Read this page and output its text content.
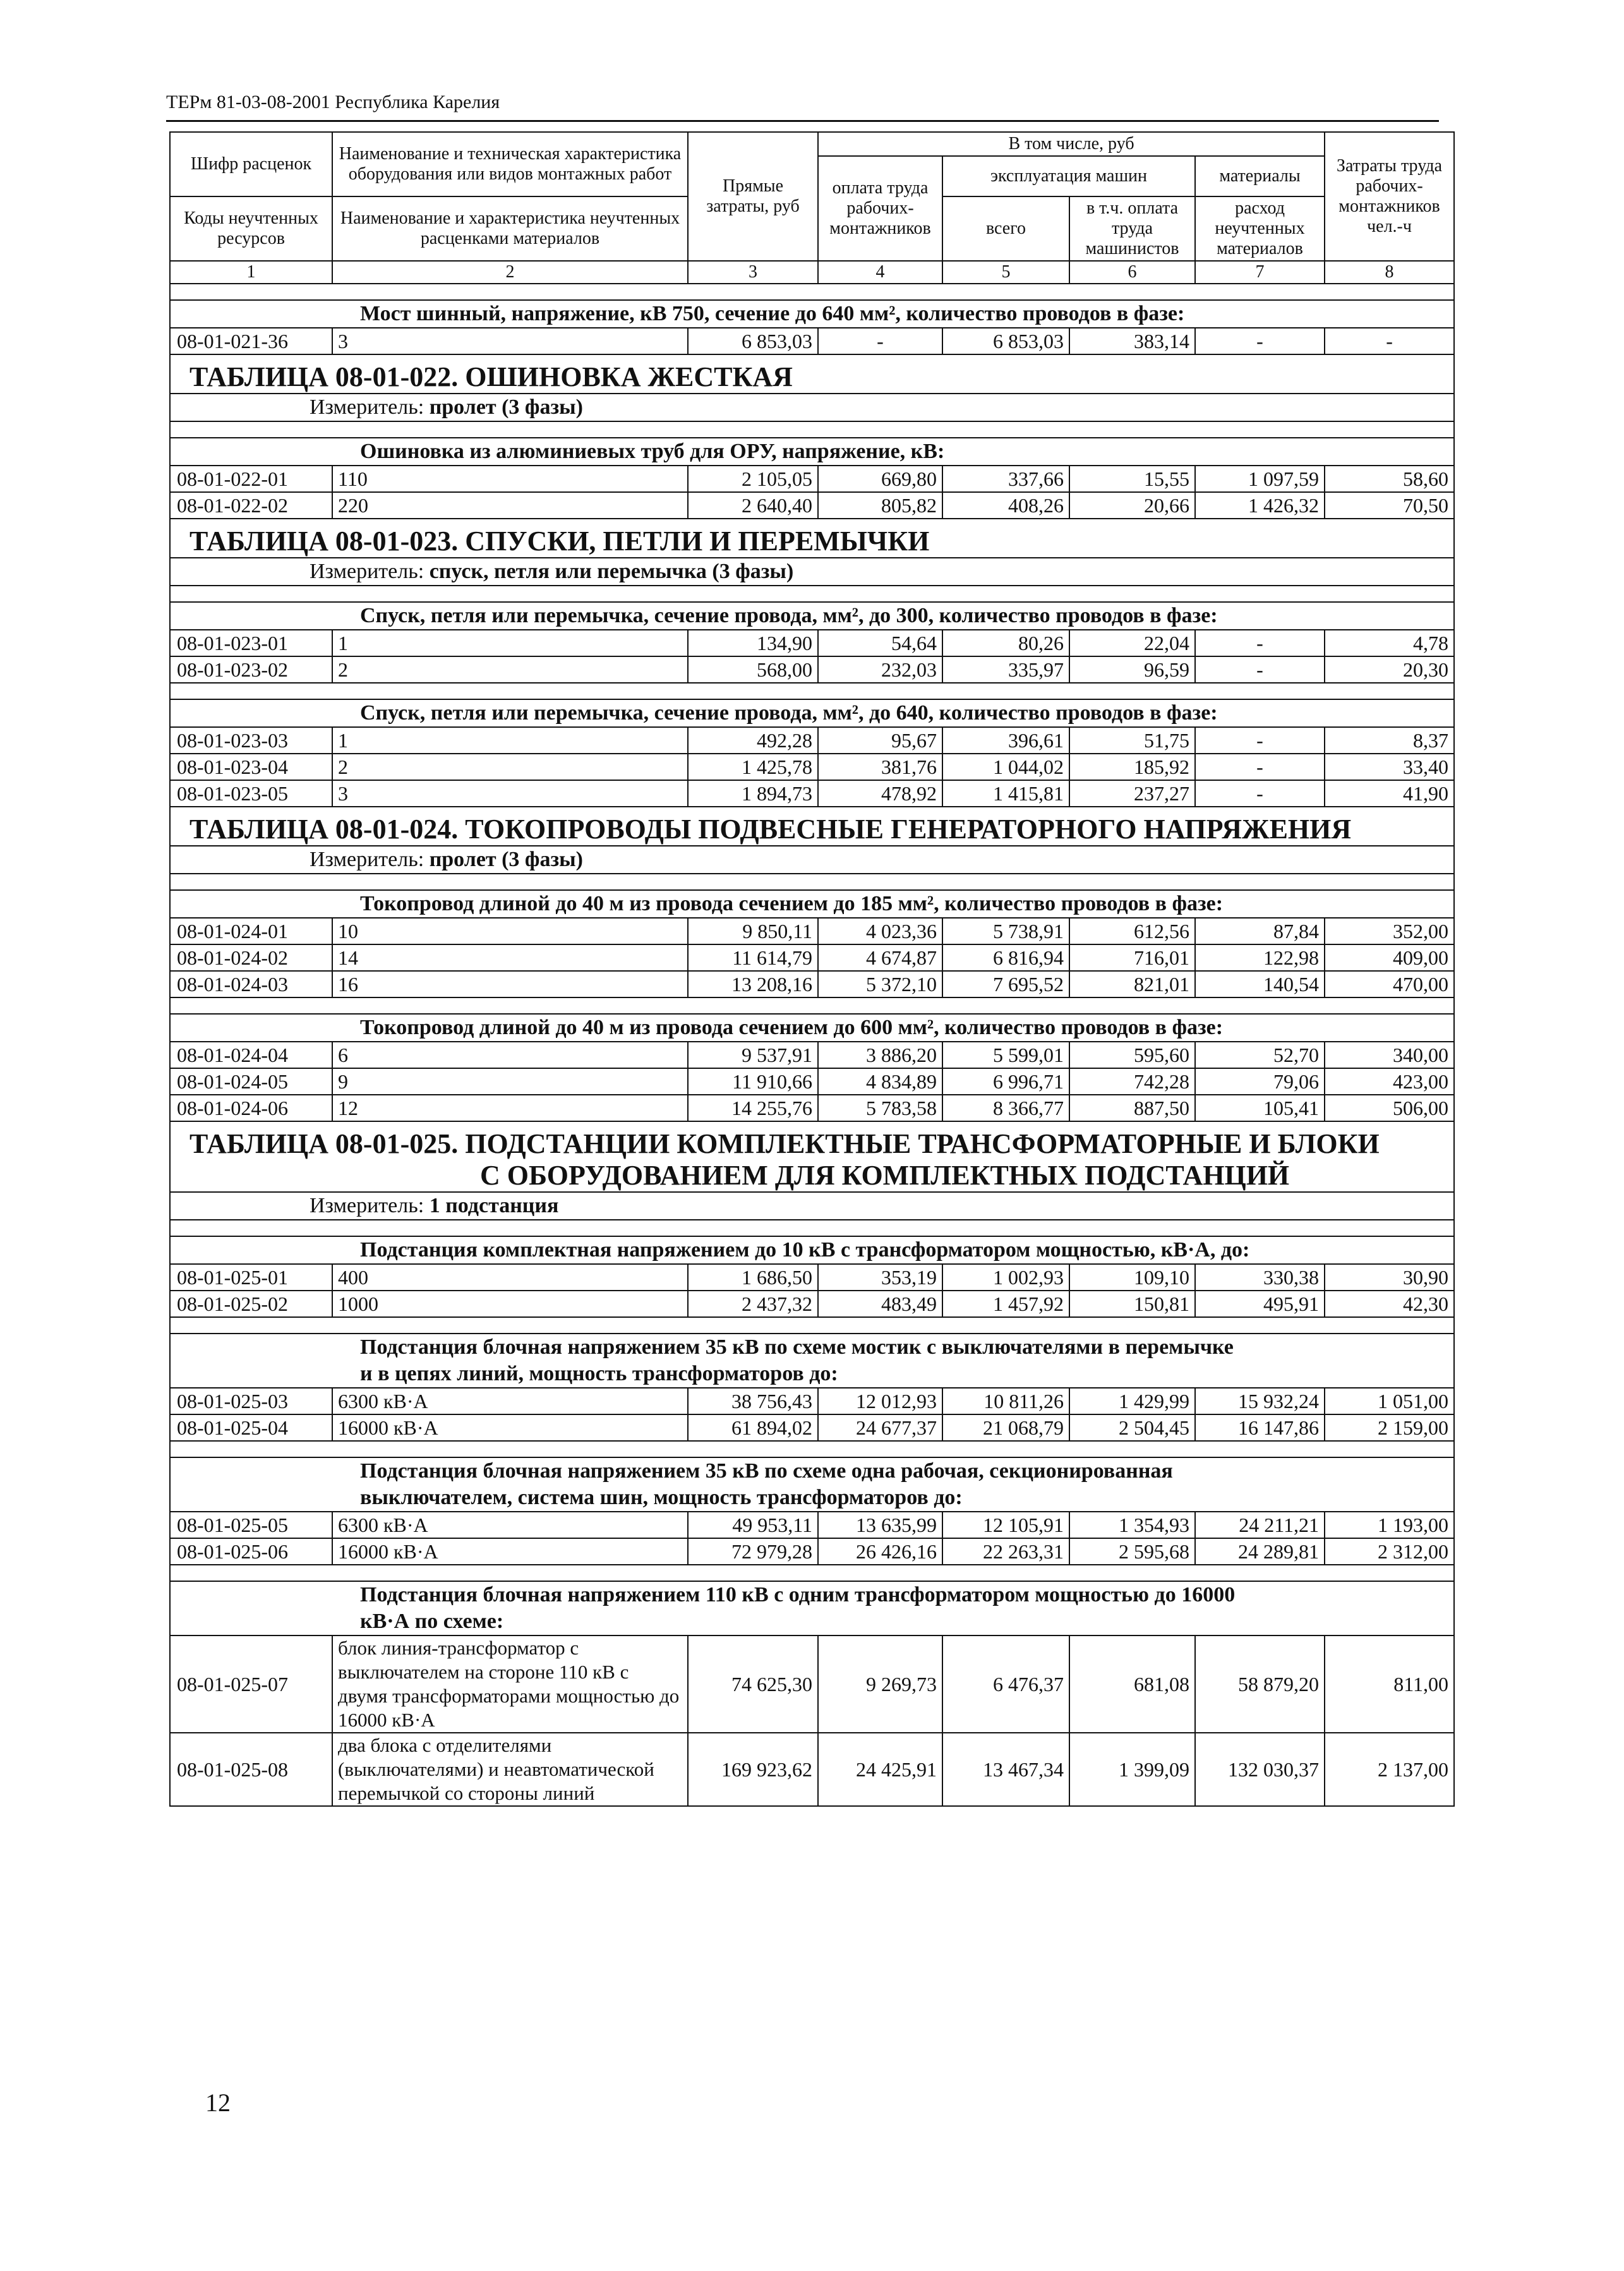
ТЕРм 81-03-08-2001 Республика Карелия
Шифр расценок	Наименование и техническая характеристика оборудования или видов монтажных работ	Прямые затраты, руб	В том числе, руб				Затраты труда рабочих-монтажников чел.-ч
			оплата труда рабочих-монтажников	эксплуатация машин		материалы	
Коды неучтенных ресурсов	Наименование и характеристика неучтенных расценками материалов			всего	в т.ч. оплата труда машинистов	расход неучтенных материалов	

1	2	3	4	5	6	7	8

Мост шинный, напряжение, кВ 750, сечение до 640 мм², количество проводов в фазе:							
08-01-021-36	3	6 853,03	-	6 853,03	383,14	-	-
ТАБЛИЦА 08-01-022. ОШИНОВКА ЖЕСТКАЯ							
Измеритель: пролет (3 фазы)							

Ошиновка из алюминиевых труб для ОРУ, напряжение, кВ:							
08-01-022-01	110	2 105,05	669,80	337,66	15,55	1 097,59	58,60
08-01-022-02	220	2 640,40	805,82	408,26	20,66	1 426,32	70,50
ТАБЛИЦА 08-01-023. СПУСКИ, ПЕТЛИ И ПЕРЕМЫЧКИ							
Измеритель: спуск, петля или перемычка (3 фазы)							

Спуск, петля или перемычка, сечение провода, мм², до 300, количество проводов в фазе:							
08-01-023-01	1	134,90	54,64	80,26	22,04	-	4,78
08-01-023-02	2	568,00	232,03	335,97	96,59	-	20,30

Спуск, петля или перемычка, сечение провода, мм², до 640, количество проводов в фазе:							
08-01-023-03	1	492,28	95,67	396,61	51,75	-	8,37
08-01-023-04	2	1 425,78	381,76	1 044,02	185,92	-	33,40
08-01-023-05	3	1 894,73	478,92	1 415,81	237,27	-	41,90
ТАБЛИЦА 08-01-024. ТОКОПРОВОДЫ ПОДВЕСНЫЕ ГЕНЕРАТОРНОГО НАПРЯЖЕНИЯ							
Измеритель: пролет (3 фазы)							

Токопровод длиной до 40 м из провода сечением до 185 мм², количество проводов в фазе:							
08-01-024-01	10	9 850,11	4 023,36	5 738,91	612,56	87,84	352,00
08-01-024-02	14	11 614,79	4 674,87	6 816,94	716,01	122,98	409,00
08-01-024-03	16	13 208,16	5 372,10	7 695,52	821,01	140,54	470,00

Токопровод длиной до 40 м из провода сечением до 600 мм², количество проводов в фазе:							
08-01-024-04	6	9 537,91	3 886,20	5 599,01	595,60	52,70	340,00
08-01-024-05	9	11 910,66	4 834,89	6 996,71	742,28	79,06	423,00
08-01-024-06	12	14 255,76	5 783,58	8 366,77	887,50	105,41	506,00

ТАБЛИЦА 08-01-025. ПОДСТАНЦИИ КОМПЛЕКТНЫЕ ТРАНСФОРМАТОРНЫЕ И БЛОКИ
С ОБОРУДОВАНИЕМ ДЛЯ КОМПЛЕКТНЫХ ПОДСТАНЦИЙ							

Измеритель: 1 подстанция							

Подстанция комплектная напряжением до 10 кВ с трансформатором мощностью, кВ·А, до:							
08-01-025-01	400	1 686,50	353,19	1 002,93	109,10	330,38	30,90
08-01-025-02	1000	2 437,32	483,49	1 457,92	150,81	495,91	42,30

Подстанция блочная напряжением 35 кВ по схеме мостик с выключателями в перемычке
и в цепях линий, мощность трансформаторов до:							

08-01-025-03	6300 кВ·А	38 756,43	12 012,93	10 811,26	1 429,99	15 932,24	1 051,00
08-01-025-04	16000 кВ·А	61 894,02	24 677,37	21 068,79	2 504,45	16 147,86	2 159,00

Подстанция блочная напряжением 35 кВ по схеме одна рабочая, секционированная
выключателем, система шин, мощность трансформаторов до:							

08-01-025-05	6300 кВ·А	49 953,11	13 635,99	12 105,91	1 354,93	24 211,21	1 193,00
08-01-025-06	16000 кВ·А	72 979,28	26 426,16	22 263,31	2 595,68	24 289,81	2 312,00

Подстанция блочная напряжением 110 кВ с одним трансформатором мощностью до 16000
кВ·А по схеме:							

08-01-025-07	блок линия-трансформатор с выключателем на стороне 110 кВ с двумя трансформаторами мощностью до 16000 кВ·А	74 625,30	9 269,73	6 476,37	681,08	58 879,20	811,00
08-01-025-08	два блока с отделителями (выключателями) и неавтоматической перемычкой со стороны линий	169 923,62	24 425,91	13 467,34	1 399,09	132 030,37	2 137,00
12
